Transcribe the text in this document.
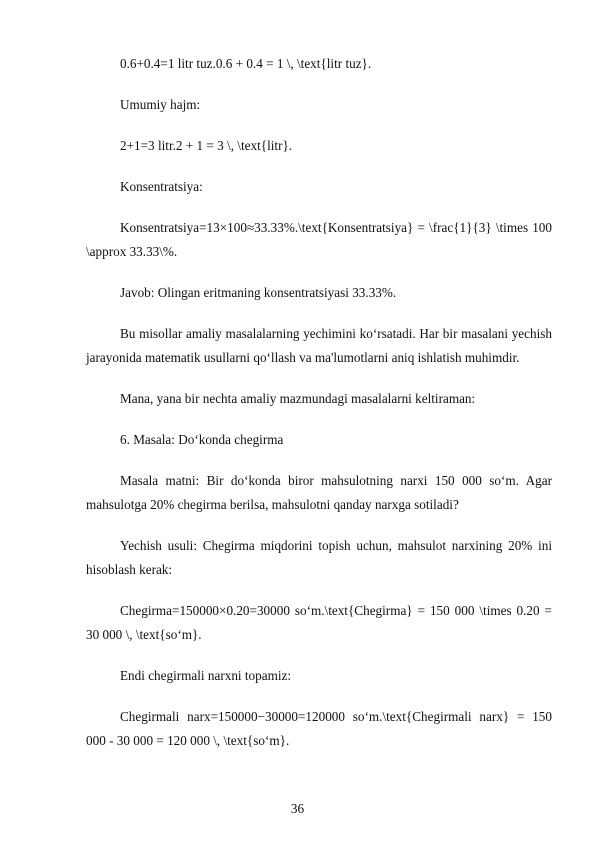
0.6+0.4=1 litr tuz.0.6 + 0.4 = 1 \, \text{litr tuz}.

Umumiy hajm:

2+1=3 litr.2 + 1 = 3 \, \text{litr}.

Konsentratsiya:

Konsentratsiya=13×100≈33.33%.\text{Konsentratsiya} = \frac{1}{3} \times 100 \approx 33.33\%.

Javob: Olingan eritmaning konsentratsiyasi 33.33%.

Bu misollar amaliy masalalarning yechimini ko‘rsatadi. Har bir masalani yechish jarayonida matematik usullarni qo‘llash va ma'lumotlarni aniq ishlatish muhimdir.

Mana, yana bir nechta amaliy mazmundagi masalalarni keltiraman:

6. Masala: Do‘konda chegirma

Masala matni: Bir do‘konda biror mahsulotning narxi 150 000 so‘m. Agar mahsulotga 20% chegirma berilsa, mahsulotni qanday narxga sotiladi?

Yechish usuli: Chegirma miqdorini topish uchun, mahsulot narxining 20% ini hisoblash kerak:

Chegirma=150000×0.20=30000 so‘m.\text{Chegirma} = 150 000 \times 0.20 = 30 000 \, \text{so‘m}.

Endi chegirmali narxni topamiz:

Chegirmali narx=150000−30000=120000 so‘m.\text{Chegirmali narx} = 150 000 - 30 000 = 120 000 \, \text{so‘m}.

36
